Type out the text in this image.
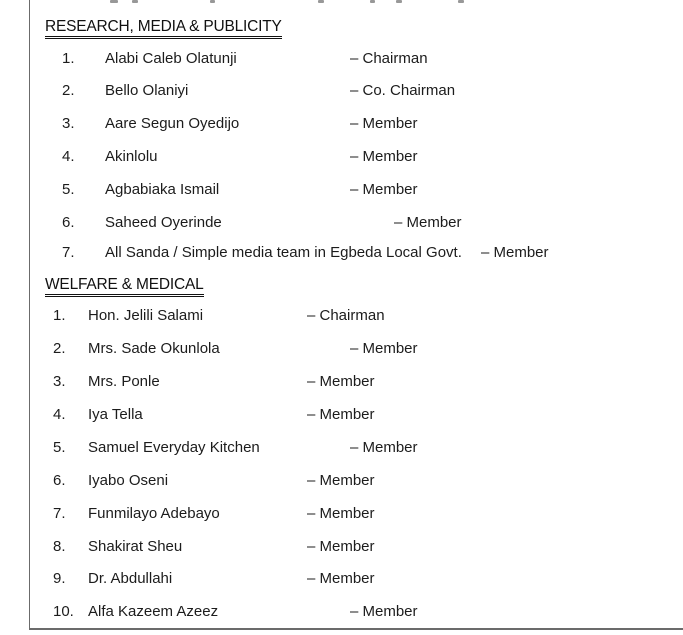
RESEARCH, MEDIA & PUBLICITY
1. Alabi Caleb Olatunji	– Chairman
2. Bello Olaniyi	– Co. Chairman
3. Aare Segun Oyedijo	– Member
4. Akinlolu	– Member
5. Agbabiaka Ismail	– Member
6. Saheed Oyerinde	– Member
7. All Sanda / Simple media team in Egbeda Local Govt. – Member
WELFARE & MEDICAL
1. Hon. Jelili Salami	– Chairman
2. Mrs. Sade Okunlola	– Member
3. Mrs. Ponle	– Member
4. Iya Tella	– Member
5. Samuel Everyday Kitchen	– Member
6. Iyabo Oseni	– Member
7. Funmilayo Adebayo	– Member
8. Shakirat Sheu	– Member
9. Dr. Abdullahi	– Member
10. Alfa Kazeem Azeez	– Member
